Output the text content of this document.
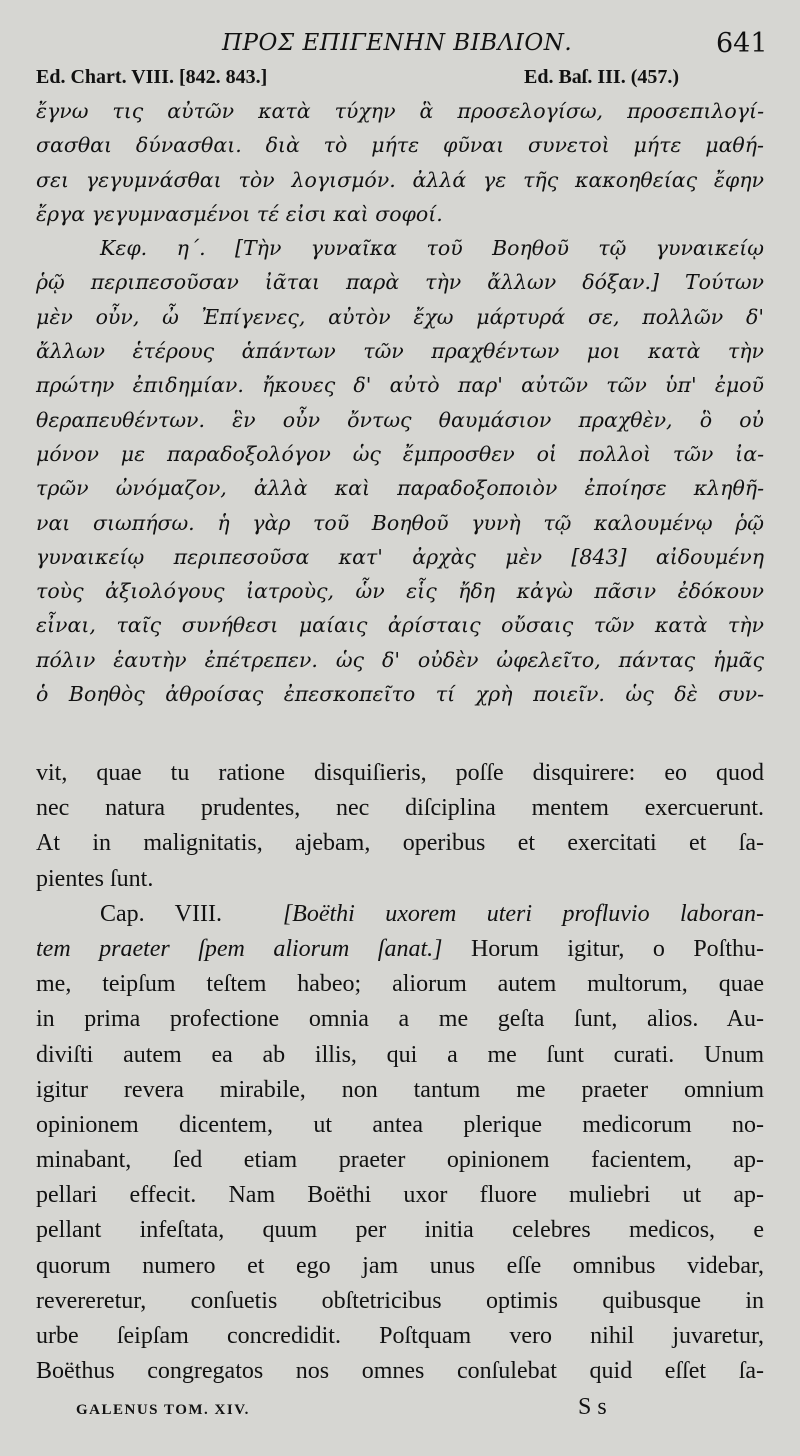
ΠΡΟΣ ΕΠΙΓΕΝΗΝ ΒΙΒΛΙΟΝ.	641
Ed. Chart. VIII. [842. 843.]	Ed. Baſ. III. (457.)
ἔγνω τις αὐτῶν κατὰ τύχην ἃ προσελογίσω, προσεπιλογί-
σασθαι δύνασθαι. διὰ τὸ μήτε φῦναι συνετοὶ μήτε μαθή-
σει γεγυμνάσθαι τὸν λογισμόν. ἀλλά γε τῆς κακοηθείας ἔφην
ἔργα γεγυμνασμένοι τέ εἰσι καὶ σοφοί.
Κεφ. η΄. [Τὴν γυναῖκα τοῦ Βοηθοῦ τῷ γυναικείῳ
ῥῷ περιπεσοῦσαν ἰᾶται παρὰ τὴν ἄλλων δόξαν.] Τούτων
μὲν οὖν, ὦ Ἐπίγενες, αὐτὸν ἔχω μάρτυρά σε, πολλῶν δ'
ἄλλων ἑτέρους ἁπάντων τῶν πραχθέντων μοι κατὰ τὴν
πρώτην ἐπιδημίαν. ἤκουες δ' αὐτὸ παρ' αὐτῶν τῶν ὑπ' ἐμοῦ
θεραπευθέντων. ἓν οὖν ὄντως θαυμάσιον πραχθὲν, ὃ οὐ
μόνον με παραδοξολόγον ὡς ἔμπροσθεν οἱ πολλοὶ τῶν ἰα-
τρῶν ὠνόμαζον, ἀλλὰ καὶ παραδοξοποιὸν ἐποίησε κληθῆ-
ναι σιωπήσω. ἡ γὰρ τοῦ Βοηθοῦ γυνὴ τῷ καλουμένῳ ῥῷ
γυναικείῳ περιπεσοῦσα κατ' ἀρχὰς μὲν [843] αἰδουμένη
τοὺς ἀξιολόγους ἰατροὺς, ὧν εἷς ἤδη κἀγὼ πᾶσιν ἐδόκουν
εἶναι, ταῖς συνήθεσι μαίαις ἀρίσταις οὔσαις τῶν κατὰ τὴν
πόλιν ἑαυτὴν ἐπέτρεπεν. ὡς δ' οὐδὲν ὠφελεῖτο, πάντας ἡμᾶς
ὁ Βοηθὸς ἀθροίσας ἐπεσκοπεῖτο τί χρὴ ποιεῖν. ὡς δὲ συν-
vit, quae tu ratione disquiſieris, poſſe disquirere: eo quod
nec natura prudentes, nec diſciplina mentem exercuerunt.
At in malignitatis, ajebam, operibus et exercitati et ſa-
pientes ſunt.
Cap. VIII.	[Boëthi uxorem uteri profluvio laboran-
tem praeter ſpem aliorum ſanat.] Horum igitur, o Poſthu-
me, teipſum teſtem habeo; aliorum autem multorum, quae
in prima profectione omnia a me geſta ſunt, alios. Au-
diviſti autem ea ab illis, qui a me ſunt curati. Unum
igitur revera mirabile, non tantum me praeter omnium
opinionem dicentem, ut antea plerique medicorum no-
minabant, ſed etiam praeter opinionem facientem, ap-
pellari effecit. Nam Boëthi uxor fluore muliebri ut ap-
pellant infeſtata, quum per initia celebres medicos, e
quorum numero et ego jam unus eſſe omnibus videbar,
revereretur, conſuetis obſtetricibus optimis quibusque in
urbe ſeipſam concredidit. Poſtquam vero nihil juvaretur,
Boëthus congregatos nos omnes conſulebat quid eſſet ſa-
GALENUS TOM. XIV.	S s
